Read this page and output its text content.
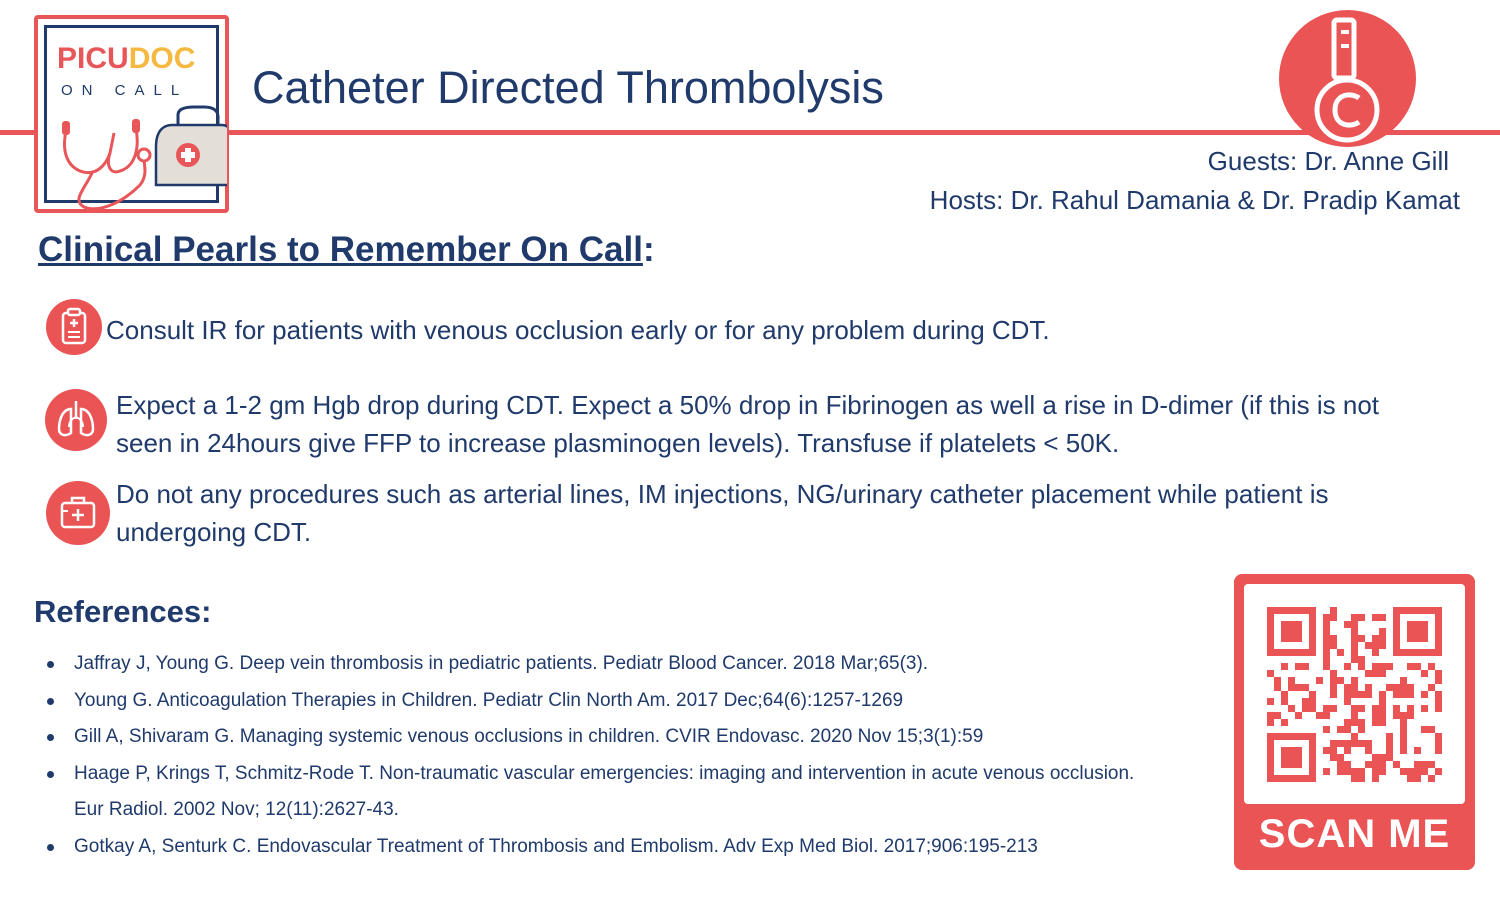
PICUDOC
ON CALL Catheter Directed Thrombolysis
Guests: Dr. Anne Gill
Hosts: Dr. Rahul Damania & Dr. Pradip Kamat
Clinical Pearls to Remember On Call:
Consult IR for patients with venous occlusion early or for any problem during CDT.
Expect a 1-2 gm Hgb drop during CDT. Expect a 50% drop in Fibrinogen as well a rise in D-dimer (if this is not seen in 24hours give FFP to increase plasminogen levels). Transfuse if platelets < 50K.
Do not any procedures such as arterial lines, IM injections, NG/urinary catheter placement while patient is undergoing CDT.
References:
Jaffray J, Young G. Deep vein thrombosis in pediatric patients. Pediatr Blood Cancer. 2018 Mar;65(3).
Young G. Anticoagulation Therapies in Children. Pediatr Clin North Am. 2017 Dec;64(6):1257-1269
Gill A, Shivaram G. Managing systemic venous occlusions in children. CVIR Endovasc. 2020 Nov 15;3(1):59
Haage P, Krings T, Schmitz-Rode T. Non-traumatic vascular emergencies: imaging and intervention in acute venous occlusion. Eur Radiol. 2002 Nov; 12(11):2627-43.
Gotkay A, Senturk C. Endovascular Treatment of Thrombosis and Embolism. Adv Exp Med Biol. 2017;906:195-213	SCAN ME
